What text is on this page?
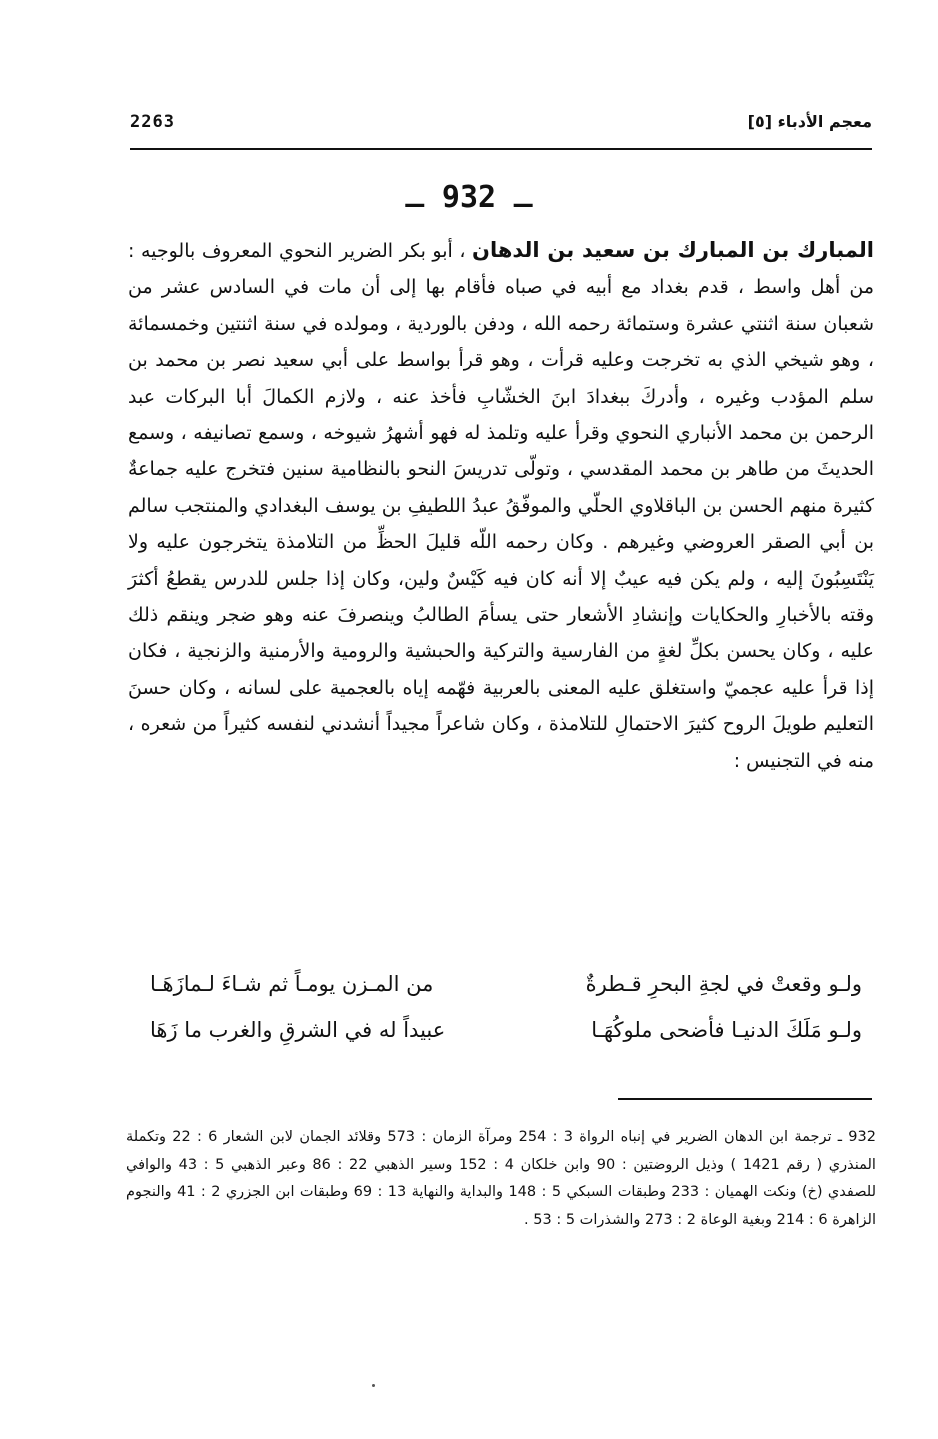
2263	معجم الأدباء [٥]
ـ 932 ـ
المبارك بن المبارك بن سعيد بن الدهان ، أبو بكر الضرير النحوي المعروف بالوجيه : من أهل واسط ، قدم بغداد مع أبيه في صباه فأقام بها إلى أن مات في السادس عشر من شعبان سنة اثنتي عشرة وستمائة رحمه الله ، ودفن بالوردية ، ومولده في سنة اثنتين وخمسمائة ، وهو شيخي الذي به تخرجت وعليه قرأت ، وهو قرأ بواسط على أبي سعيد نصر بن محمد بن سلم المؤدب وغيره ، وأدركَ ببغدادَ ابنَ الخشّابِ فأخذ عنه ، ولازم الكمالَ أبا البركات عبد الرحمن بن محمد الأنباري النحوي وقرأ عليه وتلمذ له فهو أشهرُ شيوخه ، وسمع تصانيفه ، وسمع الحديثَ من طاهر بن محمد المقدسي ، وتولّى تدريسَ النحو بالنظامية سنين فتخرج عليه جماعةٌ كثيرة منهم الحسن بن الباقلاوي الحلّي والموفّقُ عبدُ اللطيفِ بن يوسف البغدادي والمنتجب سالم بن أبي الصقر العروضي وغيرهم . وكان رحمه اللّه قليلَ الحظِّ من التلامذة يتخرجون عليه ولا يَنْتَسِبُونَ إليه ، ولم يكن فيه عيبٌ إلا أنه كان فيه كَيْسٌ ولين، وكان إذا جلس للدرس يقطعُ أكثرَ وقته بالأخبارِ والحكايات وإنشادِ الأشعار حتى يسأمَ الطالبُ وينصرفَ عنه وهو ضجر وينقم ذلك عليه ، وكان يحسن بكلِّ لغةٍ من الفارسية والتركية والحبشية والرومية والأرمنية والزنجية ، فكان إذا قرأ عليه عجميّ واستغلق عليه المعنى بالعربية فهّمه إياه بالعجمية على لسانه ، وكان حسنَ التعليم طويلَ الروح كثيرَ الاحتمالِ للتلامذة ، وكان شاعراً مجيداً أنشدني لنفسه كثيراً من شعره ، منه في التجنيس :
ولـو وقعتْ في لجةِ البحرِ قـطرةٌ
من المـزن يومـاً ثم شـاءَ لـمازَهَـا
ولـو مَلَكَ الدنيـا فأضحى ملوكُهَـا
عبيداً له في الشرقِ والغرب ما زَهَا
932 ـ ترجمة ابن الدهان الضرير في إنباه الرواة 3 : 254 ومرآة الزمان : 573 وقلائد الجمان لابن الشعار 6 : 22 وتكملة المنذري ( رقم 1421 ) وذيل الروضتين : 90 وابن خلكان 4 : 152 وسير الذهبي 22 : 86 وعبر الذهبي 5 : 43 والوافي للصفدي (خ) ونكت الهميان : 233 وطبقات السبكي 5 : 148 والبداية والنهاية 13 : 69 وطبقات ابن الجزري 2 : 41 والنجوم الزاهرة 6 : 214 وبغية الوعاة 2 : 273 والشذرات 5 : 53 .
